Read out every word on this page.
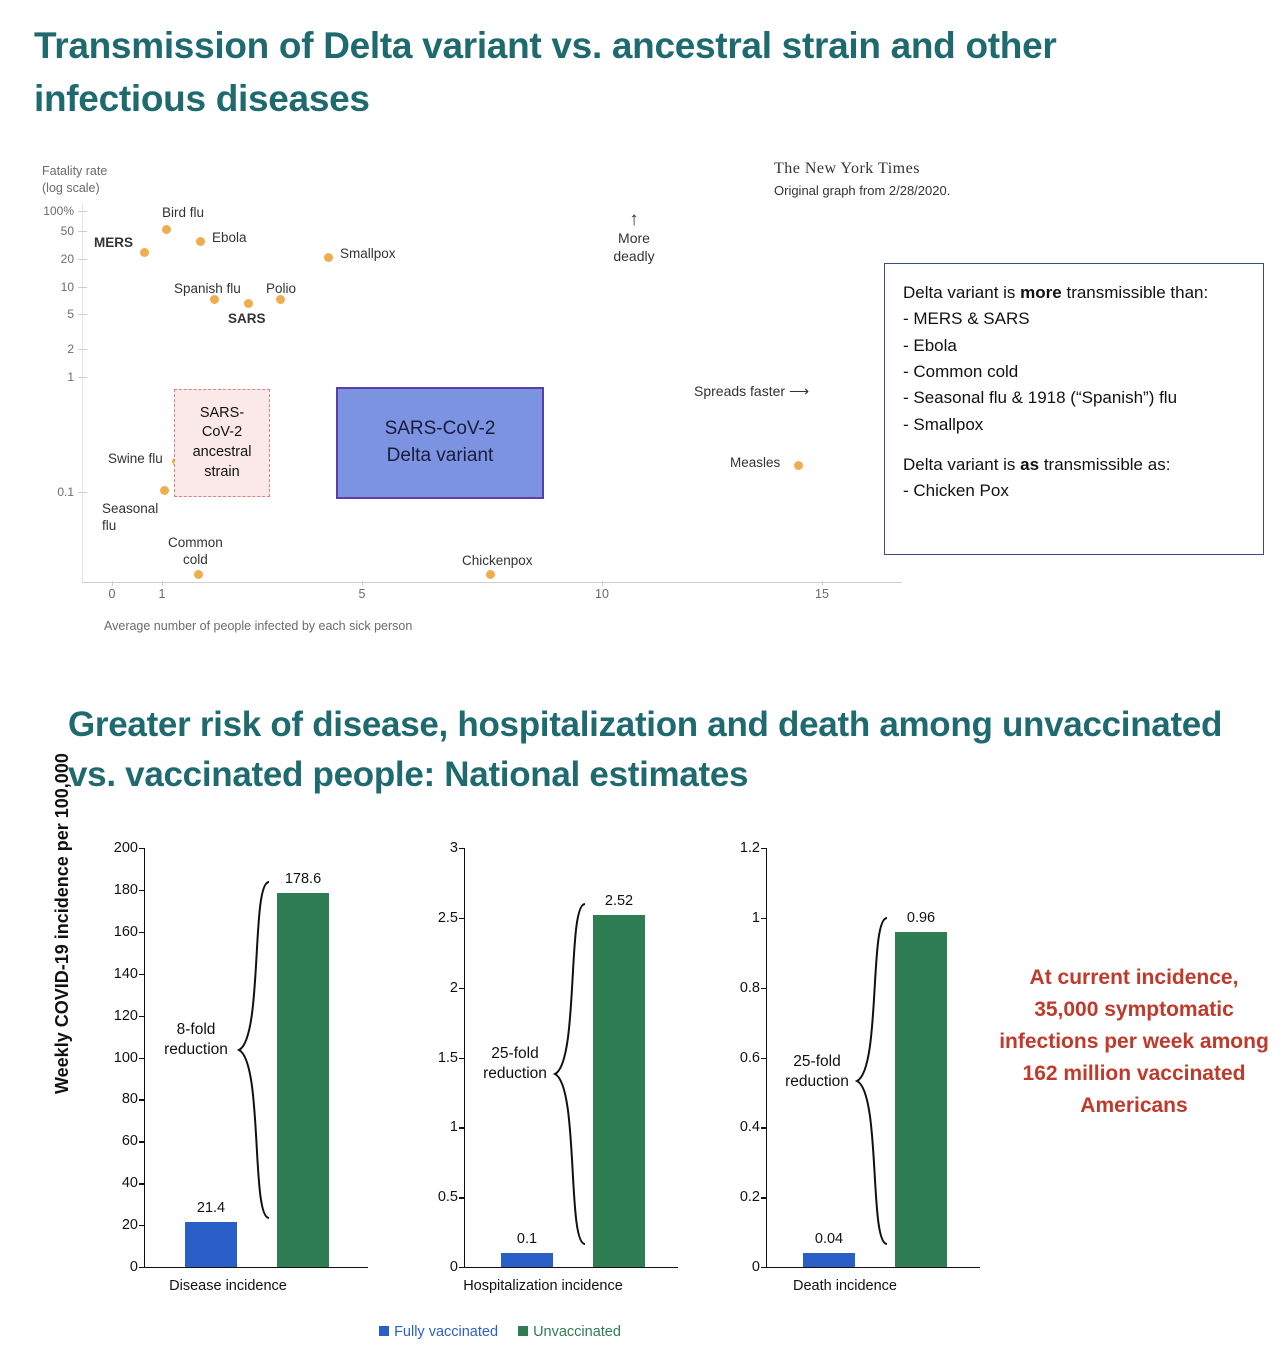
Transmission of Delta variant vs. ancestral strain and other infectious diseases
Greater risk of disease, hospitalization and death among unvaccinated vs. vaccinated people: National estimates
Fatality rate
(log scale)
The New York Times
Original graph from 2/28/2020.
100%
50
20
10
5
2
1
0.1
0	1	5	10	15
Average number of people infected by each sick person
MERS
Bird flu
Ebola
Smallpox
Spanish flu Polio
SARS
Swine flu
Seasonal
flu
Common
cold	Chickenpox
Measles
↑
More
deadly
Spreads faster ⟶
SARS-
CoV-2
ancestral
strain
SARS-CoV-2
Delta variant
Delta variant is more transmissible than:
- MERS & SARS
- Ebola
- Common cold
- Seasonal flu & 1918 (“Spanish”) flu
- Smallpox
Delta variant is as transmissible as:
- Chicken Pox
Weekly COVID-19 incidence per 100,000	200
180
160
140
120
100
80
60
40
20
0
21.4
178.6
8-fold
reduction
Disease incidence
3
2.5
2
1.5
1
0.5
0
0.1
2.52
25-fold
reduction
Hospitalization incidence
1.2
1
0.8
0.6
0.4
0.2
0
0.04
0.96
25-fold
reduction
Death incidence
Fully vaccinated Unvaccinated
At current incidence, 35,000 symptomatic infections per week among 162 million vaccinated Americans
